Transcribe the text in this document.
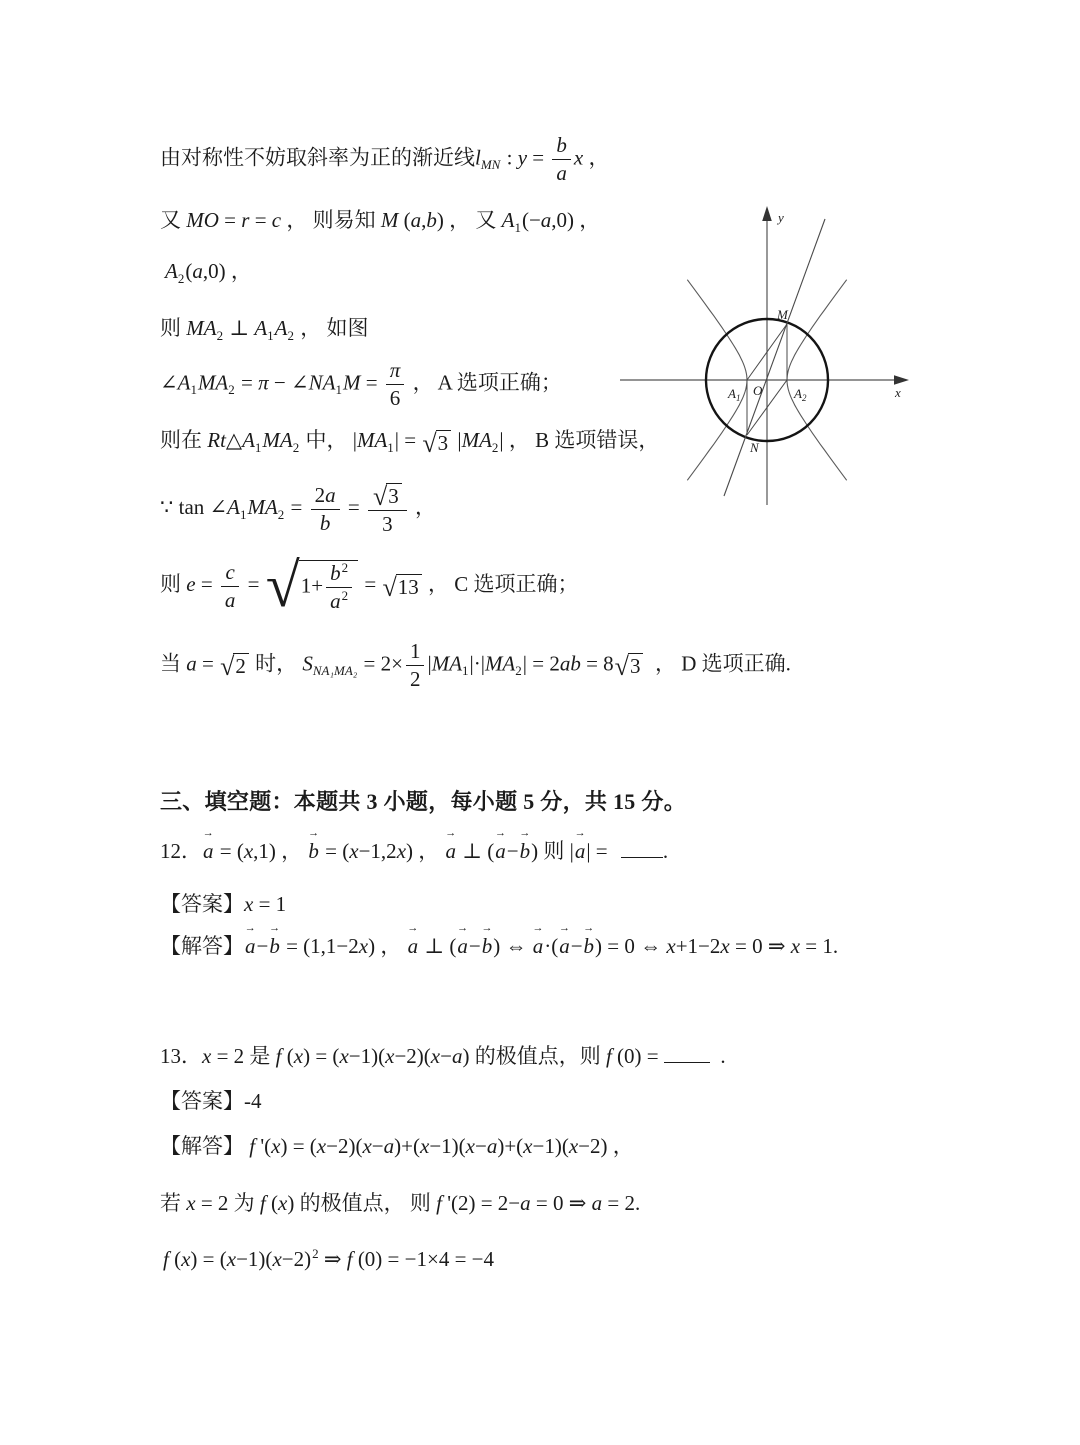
由对称性不妨取斜率为正的渐近线$l_{MN}$ : $y = \frac{b}{a}$ x ，
又 MO = r = c ， 则易知 M (a,b) ， 又 $A_1(-a,0)$ ，
$A_2(a,0)$ ，
则 $MA_2$ ⊥ $A_1A_2$ ， 如图
$\angle A_1MA_2 = \pi$ − $\angle NA_1M = \frac{\pi}{6}$ ， A 选项正确；
则在 $Rt\triangle A_1MA_2$ 中， $|MA_1|$ = √ 3 $|MA_2|$ ， B 选项错误，
∵ $\tan \angle A_1MA_2 = \frac{2a}{b} = \frac{√ 3}{3}$ ，
则 $e = \frac{c}{a}$ = √ $1+ \frac{b^2}{a^2}$ = √ 13 ， C 选项正确；
当 a = √ 2 时， $S_{NA_1MA_2} = 2\times \frac{1}{2} |MA_1|\cdot|MA_2| = 2ab = 8$ √ 3 ， D 选项正确.
三、填空题：本题共 3 小题，每小题 5 分，共 15 分。
12．
→
a = (x,1) ，
→
b = (x−1,2x) ，
→
a ⊥ (
→
a−
→
b) 则 |
→
a| = .
【答案】x = 1
【解答】
→
a−
→
b = (1,1−2x) ，
→
a ⊥ (
→
a−
→
b) ⇔
→
a·(
→
a−
→
b) = 0 ⇔ x+1−2x = 0 ⇒ x = 1.
13．x = 2 是 f (x) = (x−1)(x−2)(x−a) 的极值点，则 f (0) =   .
【答案】-4
【解答】 f '(x) = (x−2)(x−a)+(x−1)(x−a)+(x−1)(x−2) ，
若 x = 2 为 f (x) 的极值点， 则 f '(2) = 2−a = 0 ⇒ a = 2.
f $(x) = (x-1)(x-2)^2$ ⇒ f (0) = −1×4 = −4
y
x
M
O
$A_1$	$A_2$
N
